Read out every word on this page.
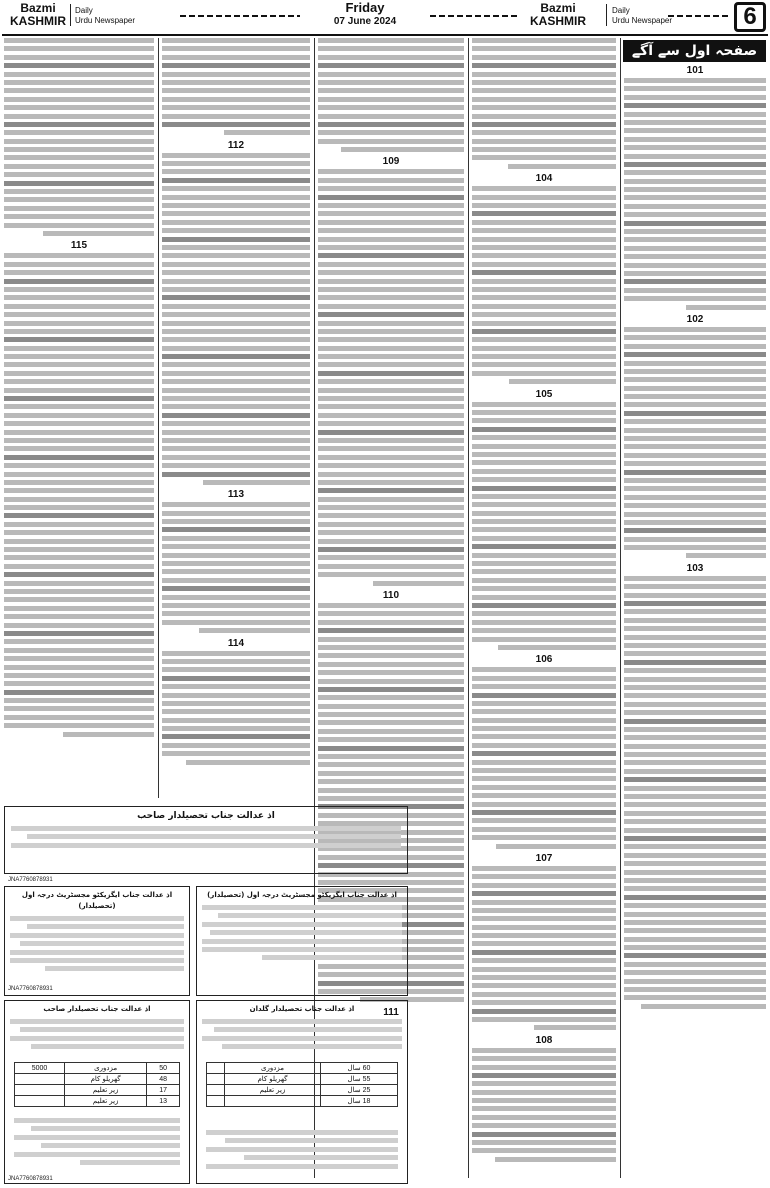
Bazmi
KASHMIR
Daily
Urdu Newspaper
Friday
07 June 2024
Bazmi
KASHMIR
Daily
Urdu Newspaper	6
صفحہ اول سے آگے
115
112
113
114
109
110
111
104
105
106
107
108
101
102
103
اذ عدالت جناب تحصیلدار صاحب
JNA7760878931
اذ عدالت جناب ایگزیکٹو مجسٹریٹ درجہ اول (تحصیلدار)
JNA7760878931
اذ عدالت جناب ایگزیکٹو مجسٹریٹ درجہ اول (تحصیلدار)
اذ عدالت جناب تحصیلدار صاحب
50	مزدوری	5000
48	گھریلو کام	
17	زیر تعلیم	
13	زیر تعلیم	
JNA7760878931
اذ عدالت جناب تحصیلدار گلدان
60 سال	مزدوری	
55 سال	گھریلو کام	
25 سال	زیر تعلیم	
18 سال		
